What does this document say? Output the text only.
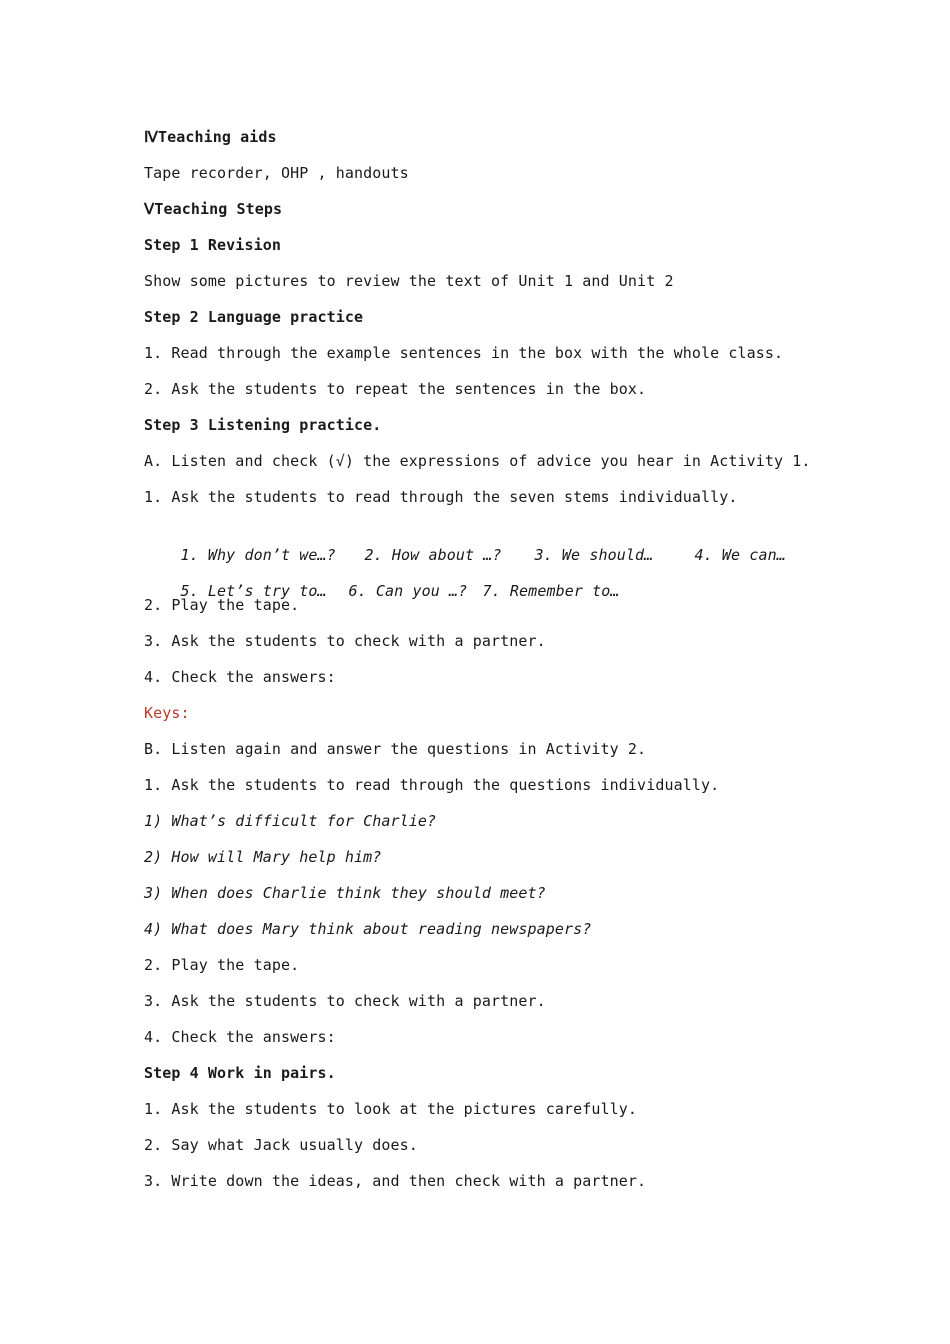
ⅣTeaching aids
Tape recorder, OHP , handouts
ⅤTeaching Steps
Step 1 Revision
Show some pictures to review the text of Unit 1 and Unit 2
Step 2 Language practice
1. Read through the example sentences in the box with the whole class.
2. Ask the students to repeat the sentences in the box.
Step 3 Listening practice.
A. Listen and check (√) the expressions of advice you hear in Activity 1.
1. Ask the students to read through the seven stems individually.

1. Why don’t we…? 2. How about …? 3. We should…	4. We can…

5. Let’s try to… 6. Can you …? 7. Remember to…

2. Play the tape.
3. Ask the students to check with a partner.
4. Check the answers:
Keys:
B. Listen again and answer the questions in Activity 2.
1. Ask the students to read through the questions individually.
1) What’s difficult for Charlie?
2) How will Mary help him?
3) When does Charlie think they should meet?
4) What does Mary think about reading newspapers?
2. Play the tape.
3. Ask the students to check with a partner.
4. Check the answers:
Step 4 Work in pairs.
1. Ask the students to look at the pictures carefully.
2. Say what Jack usually does.
3. Write down the ideas, and then check with a partner.
